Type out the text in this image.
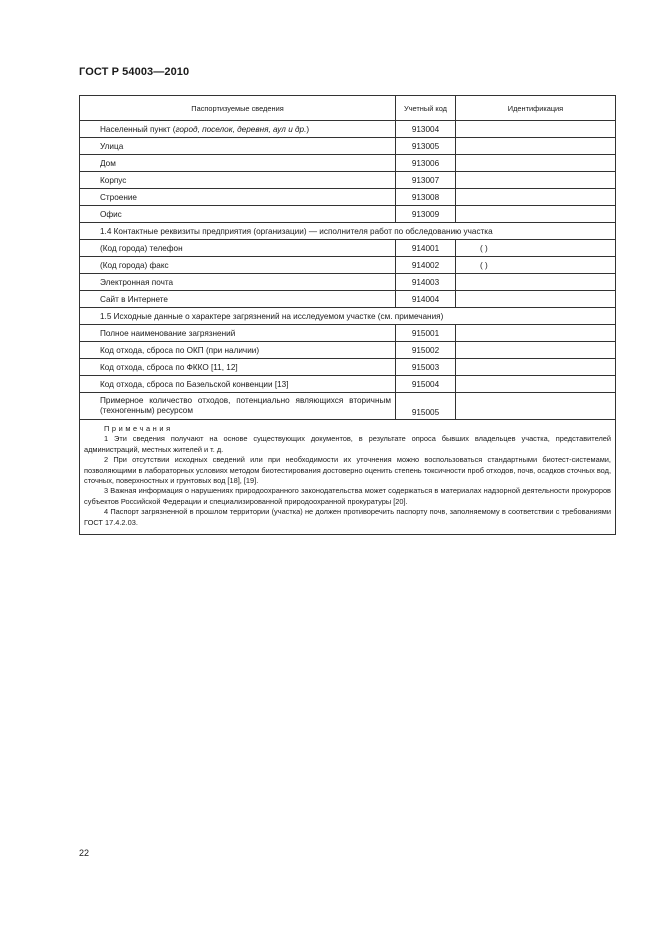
ГОСТ Р 54003—2010
Паспортизуемые сведения	Учетный код	Идентификация
Населенный пункт (город, поселок, деревня, аул и др.)	913004	
Улица	913005	
Дом	913006	
Корпус	913007	
Строение	913008	
Офис	913009	
1.4 Контактные реквизиты предприятия (организации) — исполнителя работ по обследованию участка		
(Код города) телефон	914001	( )
(Код города) факс	914002	( )
Электронная почта	914003	
Сайт в Интернете	914004	
1.5 Исходные данные о характере загрязнений на исследуемом участке (см. примечания)		
Полное наименование загрязнений	915001	
Код отхода, сброса по ОКП (при наличии)	915002	
Код отхода, сброса по ФККО [11, 12]	915003	
Код отхода, сброса по Базельской конвенции [13]	915004	
Примерное количество отходов, потенциально являющихся вторичным (техногенным) ресурсом	915005	

Примечания
1 Эти сведения получают на основе существующих документов, в результате опроса бывших владельцев участка, представителей администраций, местных жителей и т. д.
2 При отсутствии исходных сведений или при необходимости их уточнения можно воспользоваться стандартными биотест-системами, позволяющими в лабораторных условиях методом биотестирования достоверно оценить степень токсичности проб отходов, почв, осадков сточных вод, сточных, поверхностных и грунтовых вод [18], [19].
3 Важная информация о нарушениях природоохранного законодательства может содержаться в материалах надзорной деятельности прокуроров субъектов Российской Федерации и специализированной природоохранной прокуратуры [20].
4 Паспорт загрязненной в прошлом территории (участка) не должен противоречить паспорту почв, заполняемому в соответствии с требованиями ГОСТ 17.4.2.03.		
22
